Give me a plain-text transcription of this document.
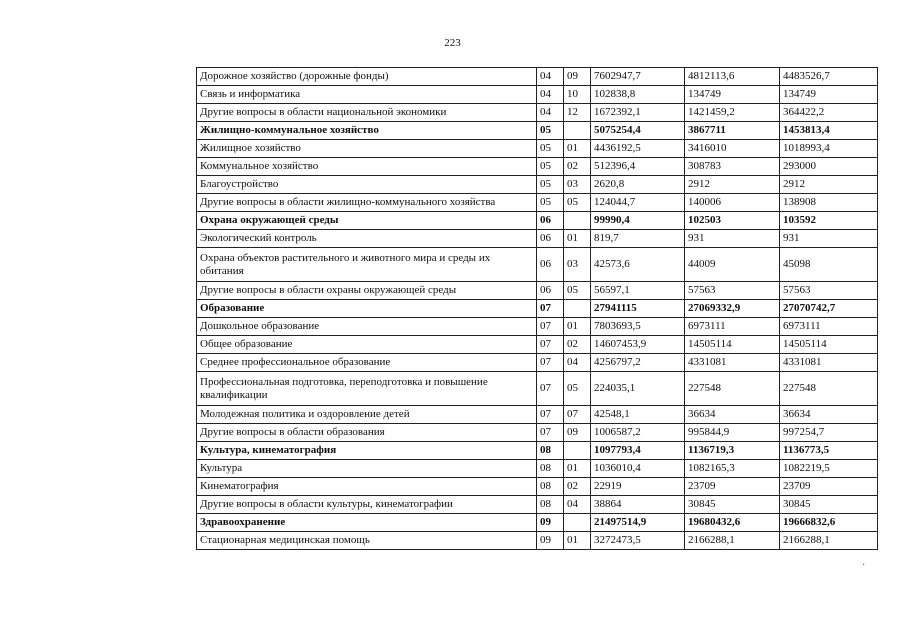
223
Дорожное хозяйство (дорожные фонды)	04	09	7602947,7	4812113,6	4483526,7
Связь и информатика	04	10	102838,8	134749	134749
Другие вопросы в области национальной экономики	04	12	1672392,1	1421459,2	364422,2
Жилищно-коммунальное хозяйство	05		5075254,4	3867711	1453813,4
Жилищное хозяйство	05	01	4436192,5	3416010	1018993,4
Коммунальное хозяйство	05	02	512396,4	308783	293000
Благоустройство	05	03	2620,8	2912	2912
Другие вопросы в области жилищно-коммунального хозяйства	05	05	124044,7	140006	138908
Охрана окружающей среды	06		99990,4	102503	103592
Экологический контроль	06	01	819,7	931	931
Охрана объектов растительного и животного мира и среды их обитания	06	03	42573,6	44009	45098
Другие вопросы в области охраны окружающей среды	06	05	56597,1	57563	57563
Образование	07		27941115	27069332,9	27070742,7
Дошкольное образование	07	01	7803693,5	6973111	6973111
Общее образование	07	02	14607453,9	14505114	14505114
Среднее профессиональное образование	07	04	4256797,2	4331081	4331081
Профессиональная подготовка, переподготовка и повышение квалификации	07	05	224035,1	227548	227548
Молодежная политика и оздоровление детей	07	07	42548,1	36634	36634
Другие вопросы в области образования	07	09	1006587,2	995844,9	997254,7
Культура, кинематография	08		1097793,4	1136719,3	1136773,5
Культура	08	01	1036010,4	1082165,3	1082219,5
Кинематография	08	02	22919	23709	23709
Другие вопросы в области культуры, кинематографии	08	04	38864	30845	30845
Здравоохранение	09		21497514,9	19680432,6	19666832,6
Стационарная медицинская помощь	09	01	3272473,5	2166288,1	2166288,1
·
